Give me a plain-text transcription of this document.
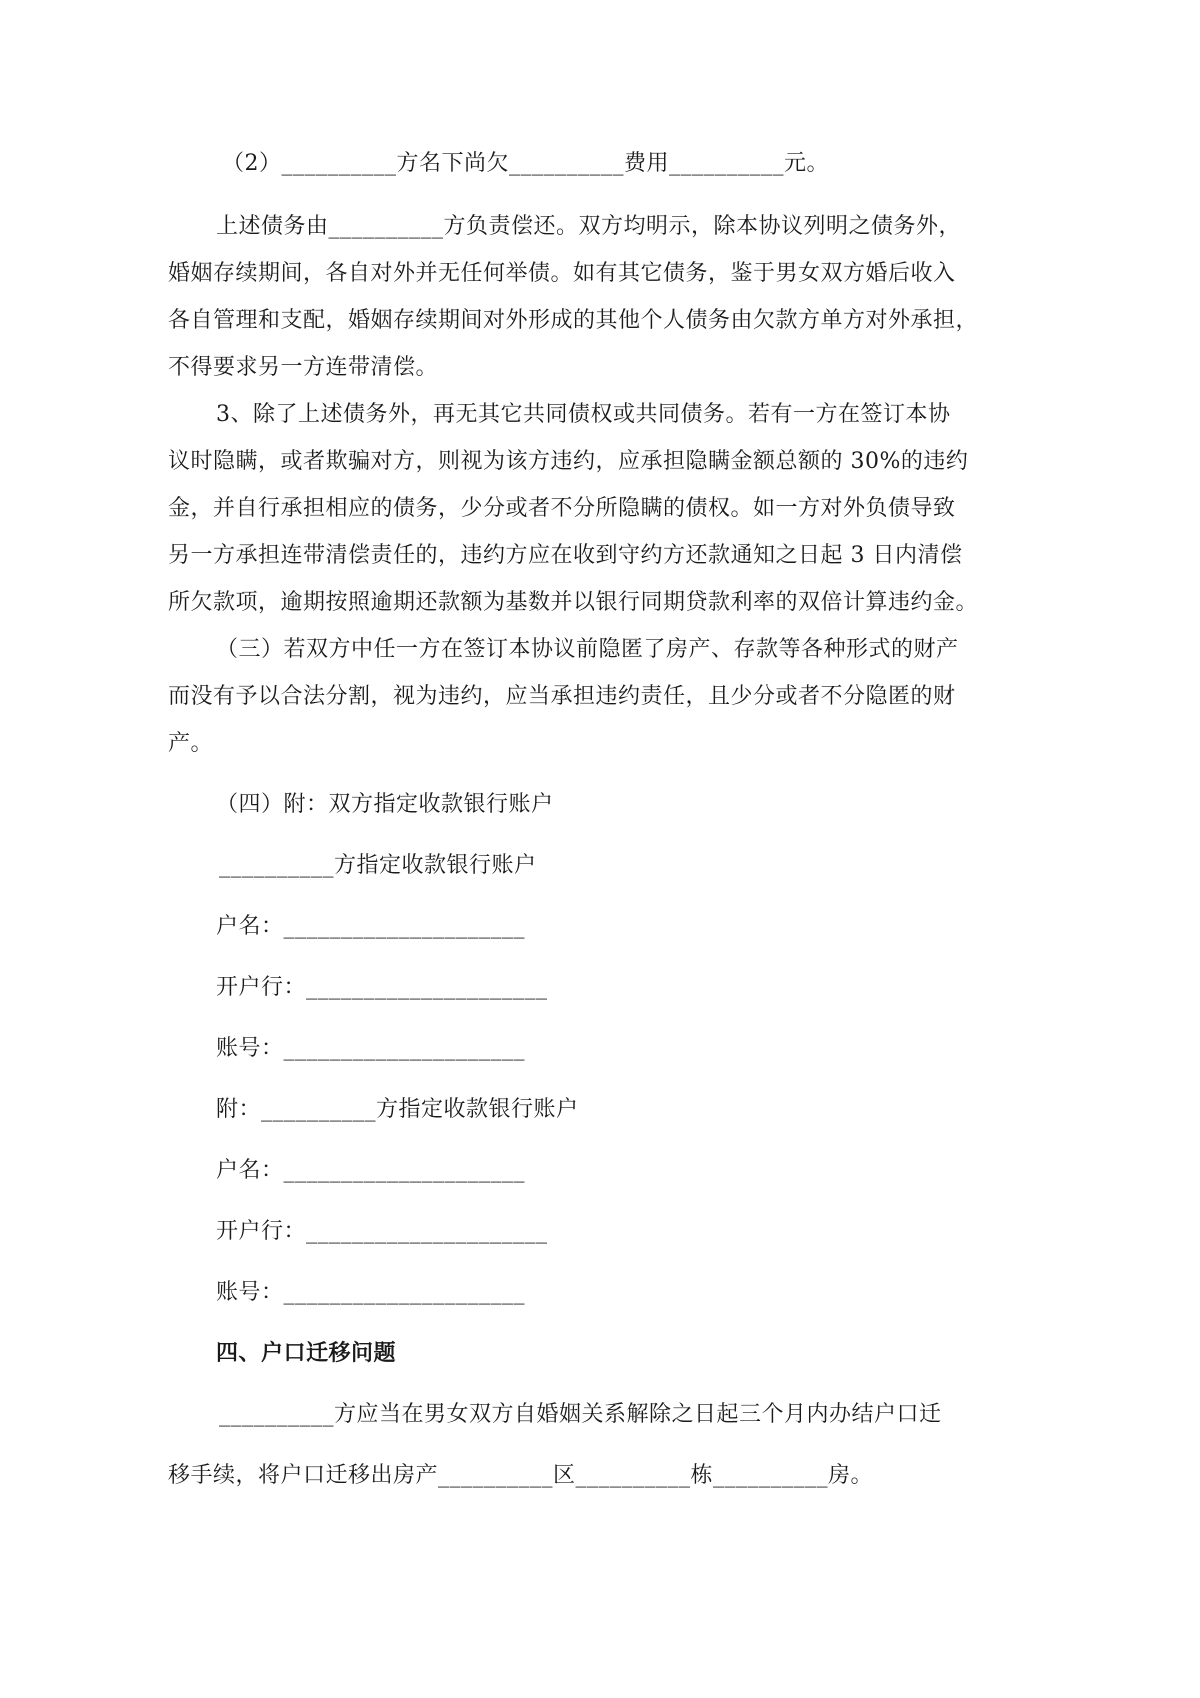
（2）__________方名下尚欠__________费用__________元。
上述债务由__________方负责偿还。双方均明示，除本协议列明之债务外，
婚姻存续期间，各自对外并无任何举债。如有其它债务，鉴于男女双方婚后收入
各自管理和支配，婚姻存续期间对外形成的其他个人债务由欠款方单方对外承担，
不得要求另一方连带清偿。
3、除了上述债务外，再无其它共同债权或共同债务。若有一方在签订本协
议时隐瞒，或者欺骗对方，则视为该方违约，应承担隐瞒金额总额的 30%的违约
金，并自行承担相应的债务，少分或者不分所隐瞒的债权。如一方对外负债导致
另一方承担连带清偿责任的，违约方应在收到守约方还款通知之日起 3 日内清偿
所欠款项，逾期按照逾期还款额为基数并以银行同期贷款利率的双倍计算违约金。
（三）若双方中任一方在签订本协议前隐匿了房产、存款等各种形式的财产
而没有予以合法分割，视为违约，应当承担违约责任，且少分或者不分隐匿的财
产。
（四）附：双方指定收款银行账户
__________方指定收款银行账户
户名：_____________________
开户行：_____________________
账号：_____________________
附：__________方指定收款银行账户
户名：_____________________
开户行：_____________________
账号：_____________________
四、户口迁移问题
__________方应当在男女双方自婚姻关系解除之日起三个月内办结户口迁
移手续，将户口迁移出房产__________区__________栋__________房。
